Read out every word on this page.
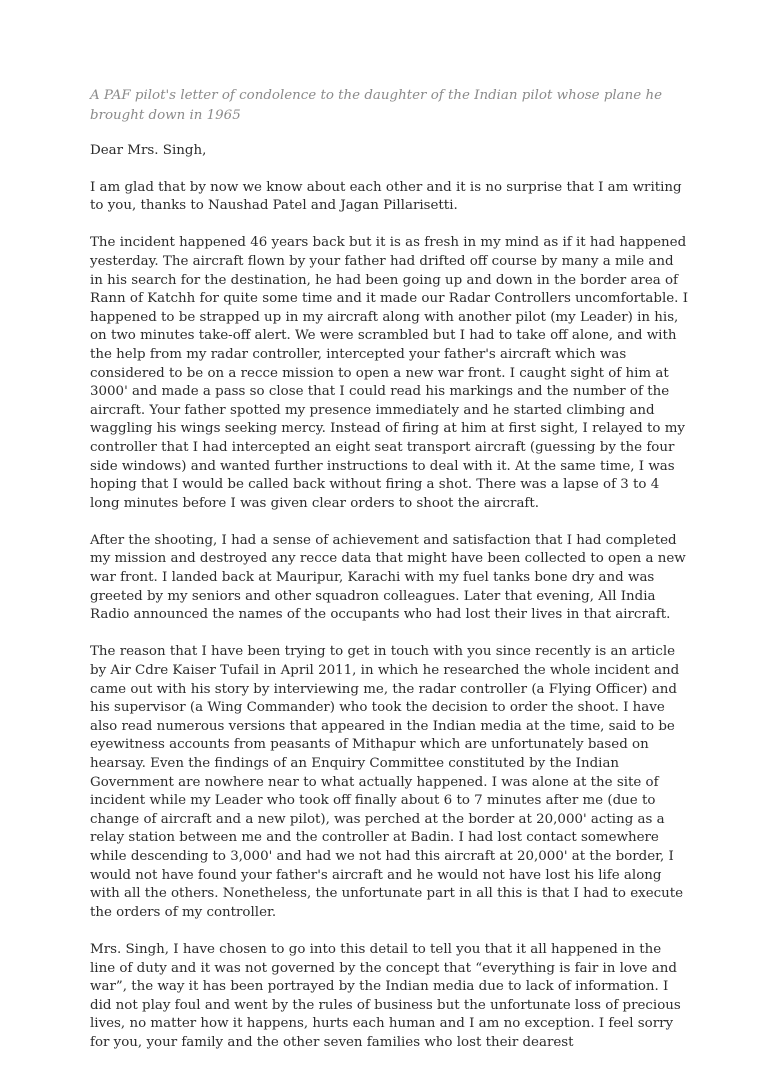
A PAF pilot's letter of condolence to the daughter of the Indian pilot whose plane he brought down in 1965

Dear Mrs. Singh,

I am glad that by now we know about each other and it is no surprise that I am writing to you, thanks to Naushad Patel and Jagan Pillarisetti.

The incident happened 46 years back but it is as fresh in my mind as if it had happened yesterday. The aircraft flown by your father had drifted off course by many a mile and in his search for the destination, he had been going up and down in the border area of Rann of Katchh for quite some time and it made our Radar Controllers uncomfortable. I happened to be strapped up in my aircraft along with another pilot (my Leader) in his, on two minutes take-off alert. We were scrambled but I had to take off alone, and with the help from my radar controller, intercepted your father's aircraft which was considered to be on a recce mission to open a new war front. I caught sight of him at 3000' and made a pass so close that I could read his markings and the number of the aircraft. Your father spotted my presence immediately and he started climbing and waggling his wings seeking mercy. Instead of firing at him at first sight, I relayed to my controller that I had intercepted an eight seat transport aircraft (guessing by the four side windows) and wanted further instructions to deal with it. At the same time, I was hoping that I would be called back without firing a shot. There was a lapse of 3 to 4 long minutes before I was given clear orders to shoot the aircraft.

After the shooting, I had a sense of achievement and satisfaction that I had completed my mission and destroyed any recce data that might have been collected to open a new war front. I landed back at Mauripur, Karachi with my fuel tanks bone dry and was greeted by my seniors and other squadron colleagues. Later that evening, All India Radio announced the names of the occupants who had lost their lives in that aircraft.

The reason that I have been trying to get in touch with you since recently is an article by Air Cdre Kaiser Tufail in April 2011, in which he researched the whole incident and came out with his story by interviewing me, the radar controller (a Flying Officer) and his supervisor (a Wing Commander) who took the decision to order the shoot. I have also read numerous versions that appeared in the Indian media at the time, said to be eyewitness accounts from peasants of Mithapur which are unfortunately based on hearsay. Even the findings of an Enquiry Committee constituted by the Indian Government are nowhere near to what actually happened. I was alone at the site of incident while my Leader who took off finally about 6 to 7 minutes after me (due to change of aircraft and a new pilot), was perched at the border at 20,000' acting as a relay station between me and the controller at Badin. I had lost contact somewhere while descending to 3,000' and had we not had this aircraft at 20,000' at the border, I would not have found your father's aircraft and he would not have lost his life along with all the others. Nonetheless, the unfortunate part in all this is that I had to execute the orders of my controller.

Mrs. Singh, I have chosen to go into this detail to tell you that it all happened in the line of duty and it was not governed by the concept that “everything is fair in love and war”, the way it has been portrayed by the Indian media due to lack of information. I did not play foul and went by the rules of business but the unfortunate loss of precious lives, no matter how it happens, hurts each human and I am no exception. I feel sorry for you, your family and the other seven families who lost their dearest
